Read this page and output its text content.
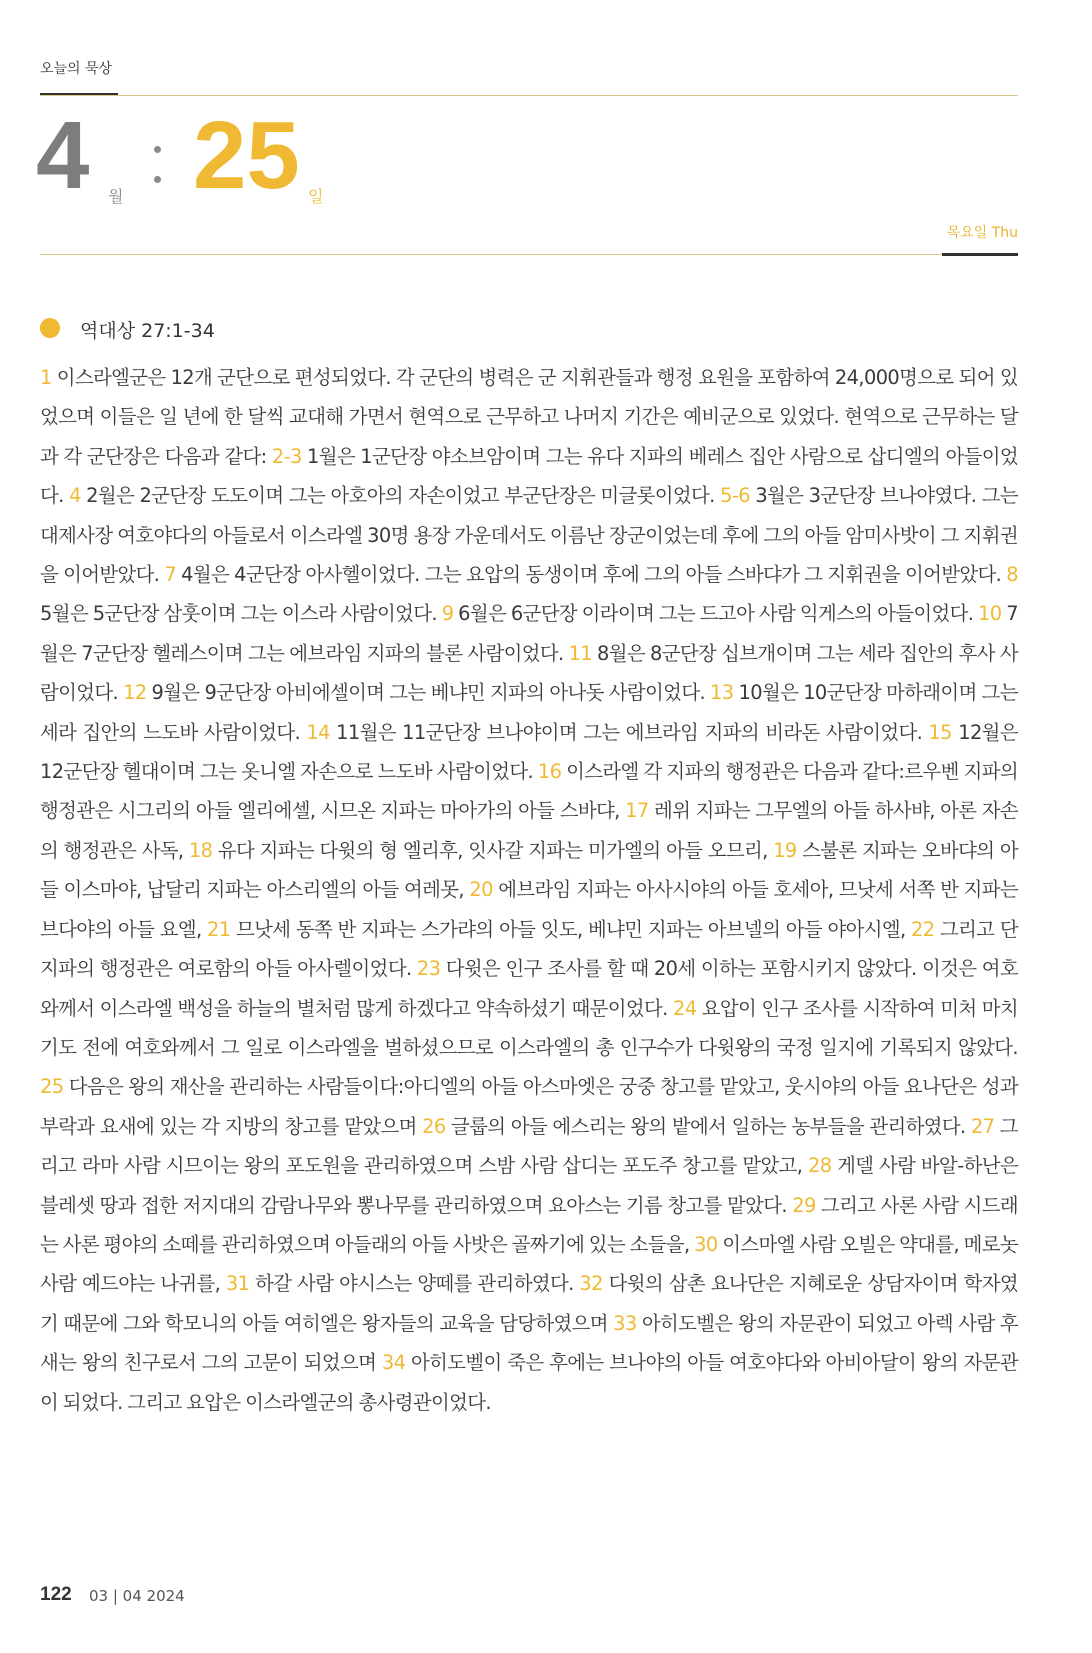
오늘의 묵상
4 월 25 일
목요일 Thu
역대상 27:1-34
1 이스라엘군은 12개 군단으로 편성되었다. 각 군단의 병력은 군 지휘관들과 행정 요원을 포함하여 24,000명으로 되어 있었으며 이들은 일 년에 한 달씩 교대해 가면서 현역으로 근무하고 나머지 기간은 예비군으로 있었다. 현역으로 근무하는 달과 각 군단장은 다음과 같다: 2-3 1월은 1군단장 야소브암이며 그는 유다 지파의 베레스 집안 사람으로 삽디엘의 아들이었다. 4 2월은 2군단장 도도이며 그는 아호아의 자손이었고 부군단장은 미글롯이었다. 5-6 3월은 3군단장 브나야였다. 그는 대제사장 여호야다의 아들로서 이스라엘 30명 용장 가운데서도 이름난 장군이었는데 후에 그의 아들 암미사밧이 그 지휘권을 이어받았다. 7 4월은 4군단장 아사헬이었다. 그는 요압의 동생이며 후에 그의 아들 스바댜가 그 지휘권을 이어받았다. 8 5월은 5군단장 삼훗이며 그는 이스라 사람이었다. 9 6월은 6군단장 이라이며 그는 드고아 사람 익게스의 아들이었다. 10 7월은 7군단장 헬레스이며 그는 에브라임 지파의 블론 사람이었다. 11 8월은 8군단장 십브개이며 그는 세라 집안의 후사 사람이었다. 12 9월은 9군단장 아비에셀이며 그는 베냐민 지파의 아나돗 사람이었다. 13 10월은 10군단장 마하래이며 그는 세라 집안의 느도바 사람이었다. 14 11월은 11군단장 브나야이며 그는 에브라임 지파의 비라돈 사람이었다. 15 12월은 12군단장 헬대이며 그는 옷니엘 자손으로 느도바 사람이었다. 16 이스라엘 각 지파의 행정관은 다음과 같다:르우벤 지파의 행정관은 시그리의 아들 엘리에셀, 시므온 지파는 마아가의 아들 스바댜, 17 레위 지파는 그무엘의 아들 하사뱌, 아론 자손의 행정관은 사독, 18 유다 지파는 다윗의 형 엘리후, 잇사갈 지파는 미가엘의 아들 오므리, 19 스불론 지파는 오바댜의 아들 이스마야, 납달리 지파는 아스리엘의 아들 여레못, 20 에브라임 지파는 아사시야의 아들 호세아, 므낫세 서쪽 반 지파는 브다야의 아들 요엘, 21 므낫세 동쪽 반 지파는 스가랴의 아들 잇도, 베냐민 지파는 아브넬의 아들 야아시엘, 22 그리고 단 지파의 행정관은 여로함의 아들 아사렐이었다. 23 다윗은 인구 조사를 할 때 20세 이하는 포함시키지 않았다. 이것은 여호와께서 이스라엘 백성을 하늘의 별처럼 많게 하겠다고 약속하셨기 때문이었다. 24 요압이 인구 조사를 시작하여 미처 마치기도 전에 여호와께서 그 일로 이스라엘을 벌하셨으므로 이스라엘의 총 인구수가 다윗왕의 국정 일지에 기록되지 않았다. 25 다음은 왕의 재산을 관리하는 사람들이다:아디엘의 아들 아스마엣은 궁중 창고를 맡았고, 웃시야의 아들 요나단은 성과 부락과 요새에 있는 각 지방의 창고를 맡았으며 26 글룹의 아들 에스리는 왕의 밭에서 일하는 농부들을 관리하였다. 27 그리고 라마 사람 시므이는 왕의 포도원을 관리하였으며 스밤 사람 삽디는 포도주 창고를 맡았고, 28 게델 사람 바알-하난은 블레셋 땅과 접한 저지대의 감람나무와 뽕나무를 관리하였으며 요아스는 기름 창고를 맡았다. 29 그리고 사론 사람 시드래는 사론 평야의 소떼를 관리하였으며 아들래의 아들 사밧은 골짜기에 있는 소들을, 30 이스마엘 사람 오빌은 약대를, 메로놋 사람 예드야는 나귀를, 31 하갈 사람 야시스는 양떼를 관리하였다. 32 다윗의 삼촌 요나단은 지혜로운 상담자이며 학자였기 때문에 그와 학모니의 아들 여히엘은 왕자들의 교육을 담당하였으며 33 아히도벨은 왕의 자문관이 되었고 아렉 사람 후새는 왕의 친구로서 그의 고문이 되었으며 34 아히도벨이 죽은 후에는 브나야의 아들 여호야다와 아비아달이 왕의 자문관이 되었다. 그리고 요압은 이스라엘군의 총사령관이었다.
122 03 | 04 2024
